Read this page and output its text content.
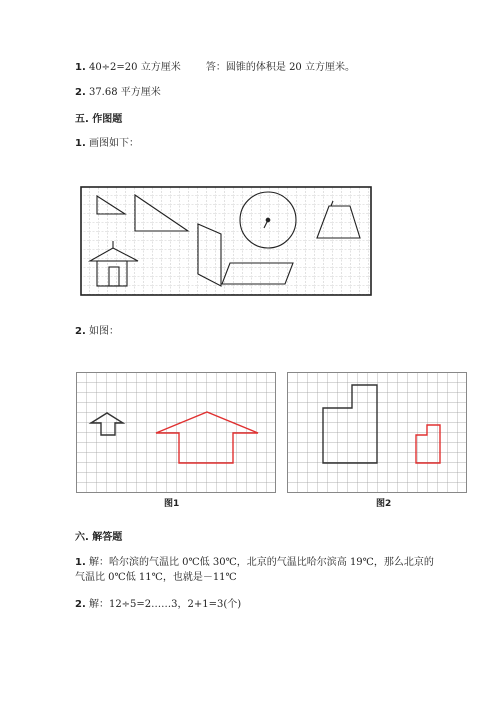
1. 40÷2=20 立方厘米	答：圆锥的体积是 20 立方厘米。
2. 37.68 平方厘米
五. 作图题
1. 画图如下：
2. 如图：
图1	图2
六. 解答题
1. 解：哈尔滨的气温比 0℃低 30℃，北京的气温比哈尔滨高 19℃，那么北京的
气温比 0℃低 11℃，也就是－11℃
2. 解：12÷5=2……3，2+1=3(个)
